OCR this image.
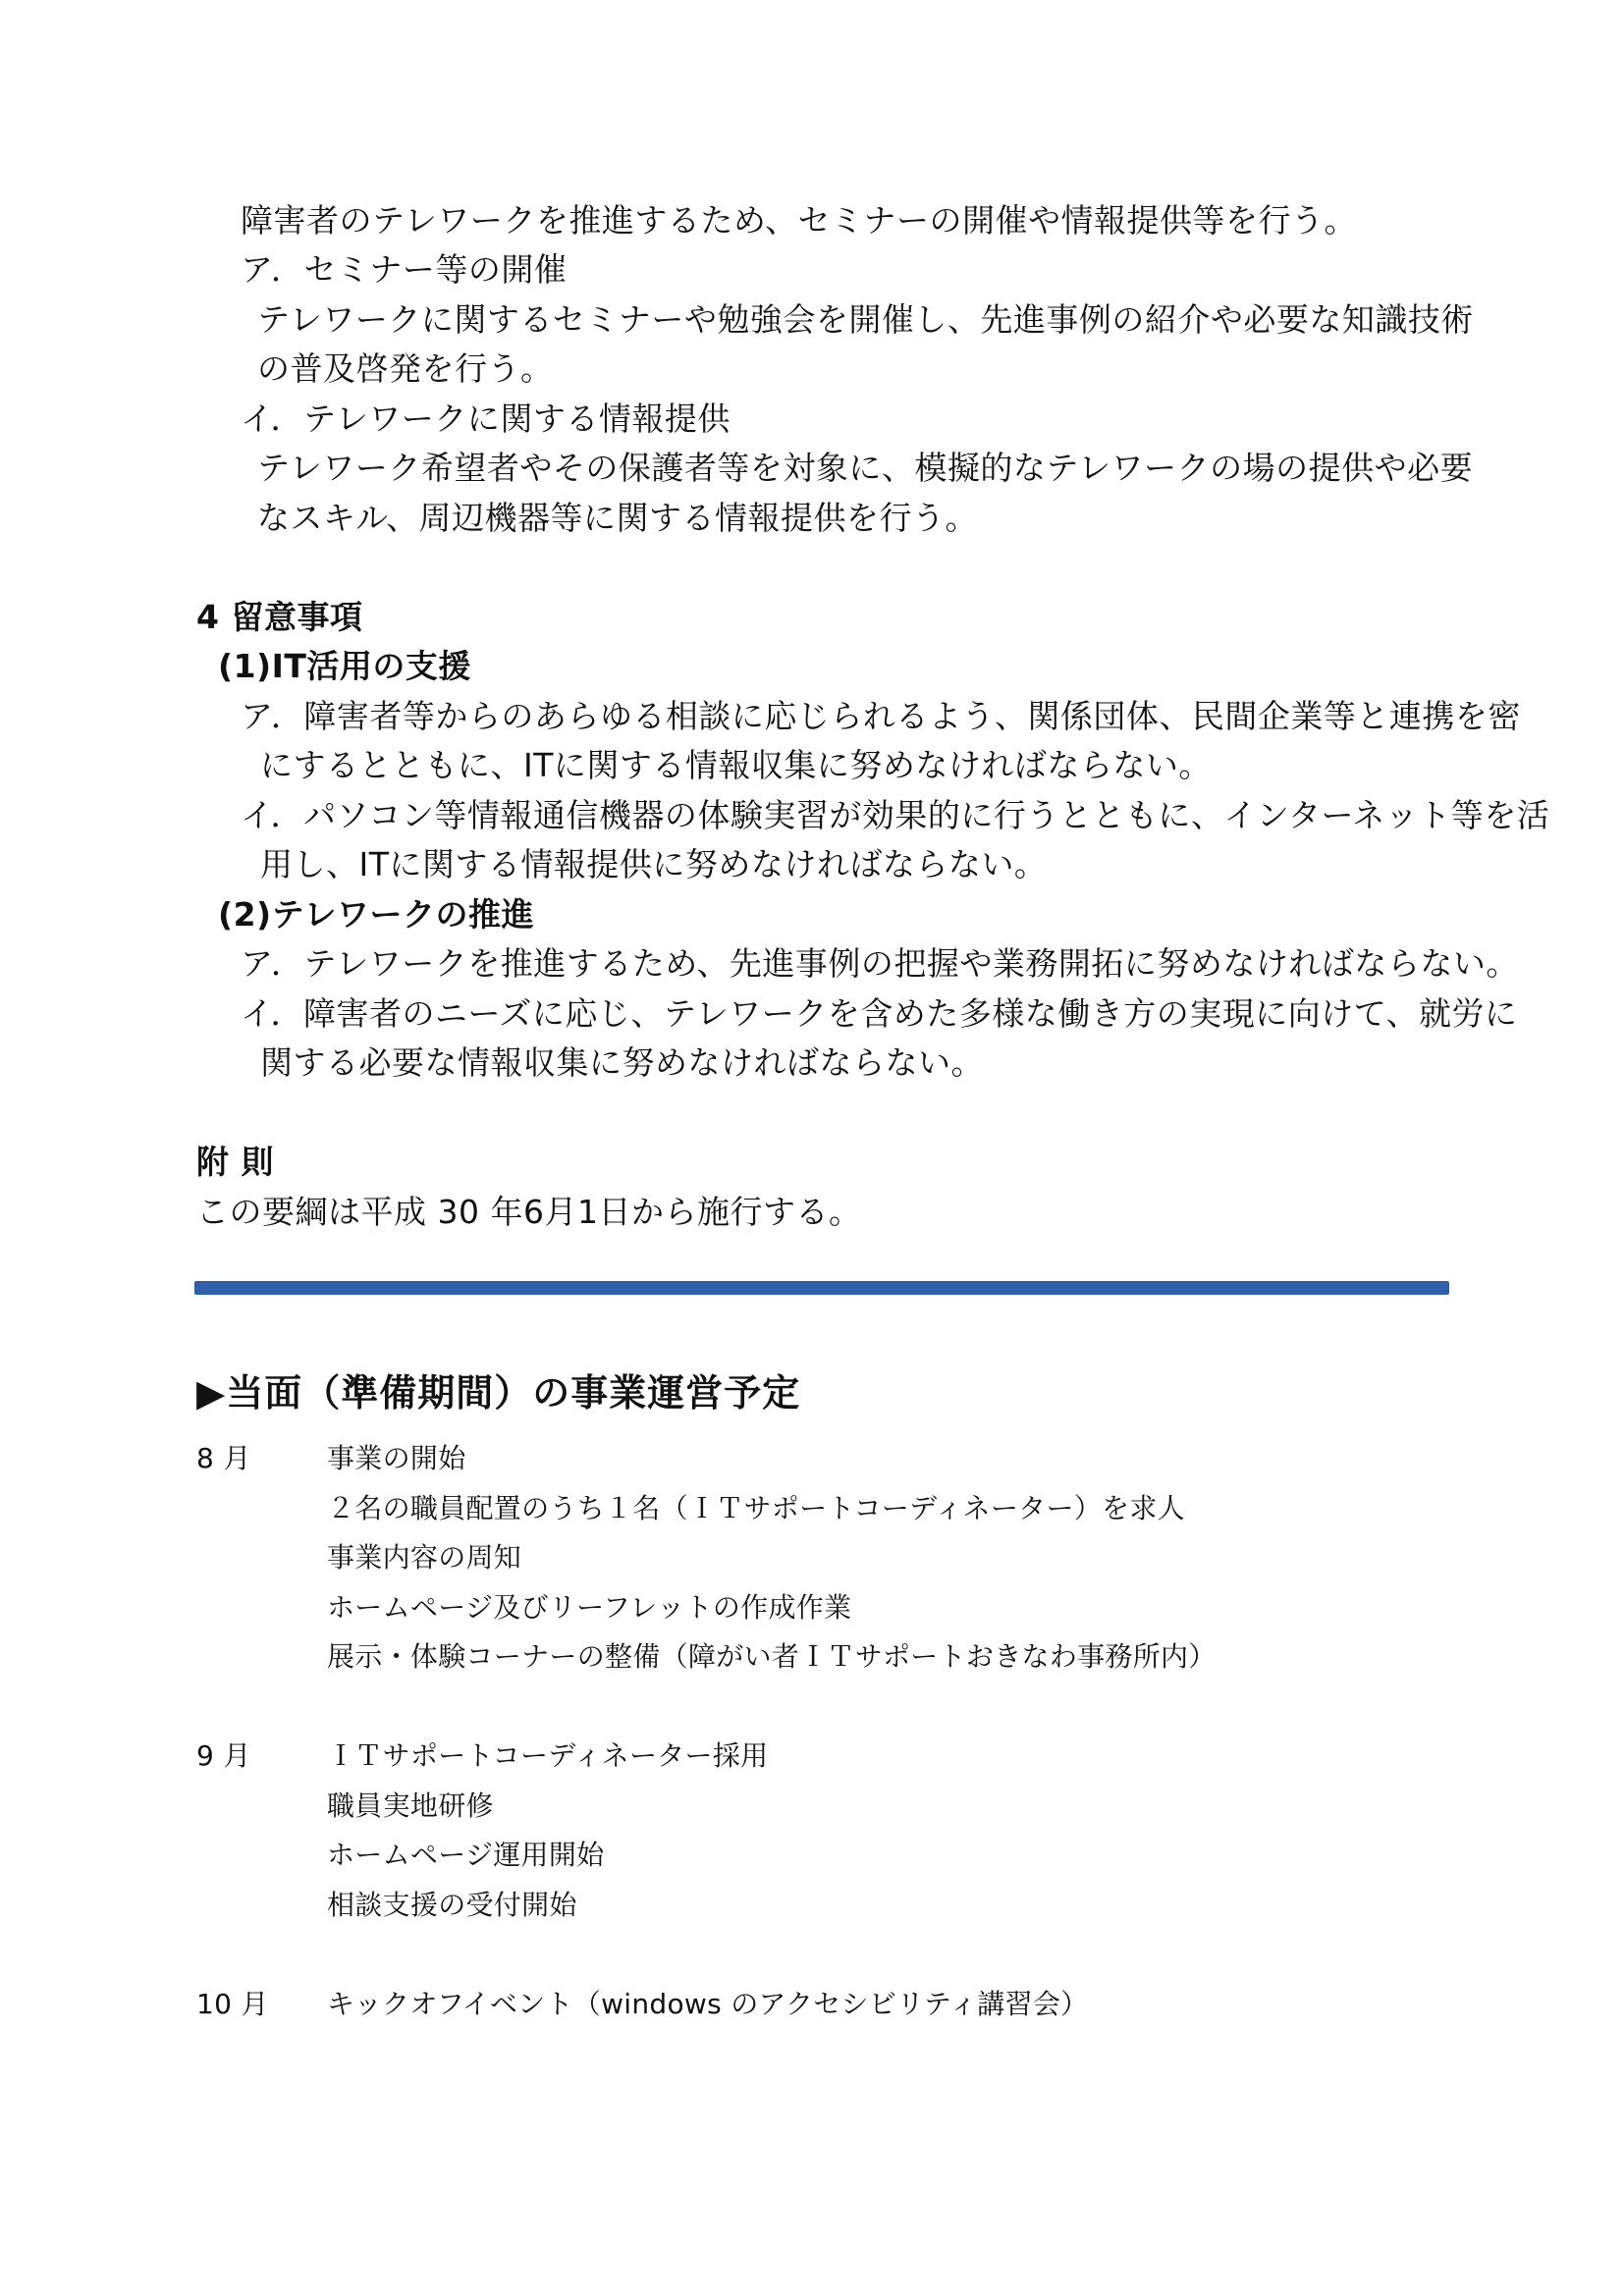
障害者のテレワークを推進するため、セミナーの開催や情報提供等を行う。
ア．セミナー等の開催
テレワークに関するセミナーや勉強会を開催し、先進事例の紹介や必要な知識技術
の普及啓発を行う。
イ．テレワークに関する情報提供
テレワーク希望者やその保護者等を対象に、模擬的なテレワークの場の提供や必要
なスキル、周辺機器等に関する情報提供を行う。
4 留意事項
(1)IT活用の支援
ア．障害者等からのあらゆる相談に応じられるよう、関係団体、民間企業等と連携を密
にするとともに、ITに関する情報収集に努めなければならない。
イ．パソコン等情報通信機器の体験実習が効果的に行うとともに、インターネット等を活
用し、ITに関する情報提供に努めなければならない。
(2)テレワークの推進
ア．テレワークを推進するため、先進事例の把握や業務開拓に努めなければならない。
イ．障害者のニーズに応じ、テレワークを含めた多様な働き方の実現に向けて、就労に
関する必要な情報収集に努めなければならない。
附 則
この要綱は平成 30 年6月1日から施行する。
▶当面（準備期間）の事業運営予定
8 月	事業の開始
２名の職員配置のうち１名（ＩＴサポートコーディネーター）を求人
事業内容の周知
ホームページ及びリーフレットの作成作業
展示・体験コーナーの整備（障がい者ＩＴサポートおきなわ事務所内）
9 月	ＩＴサポートコーディネーター採用
職員実地研修
ホームページ運用開始
相談支援の受付開始
10 月 キックオフイベント（windows のアクセシビリティ講習会）
